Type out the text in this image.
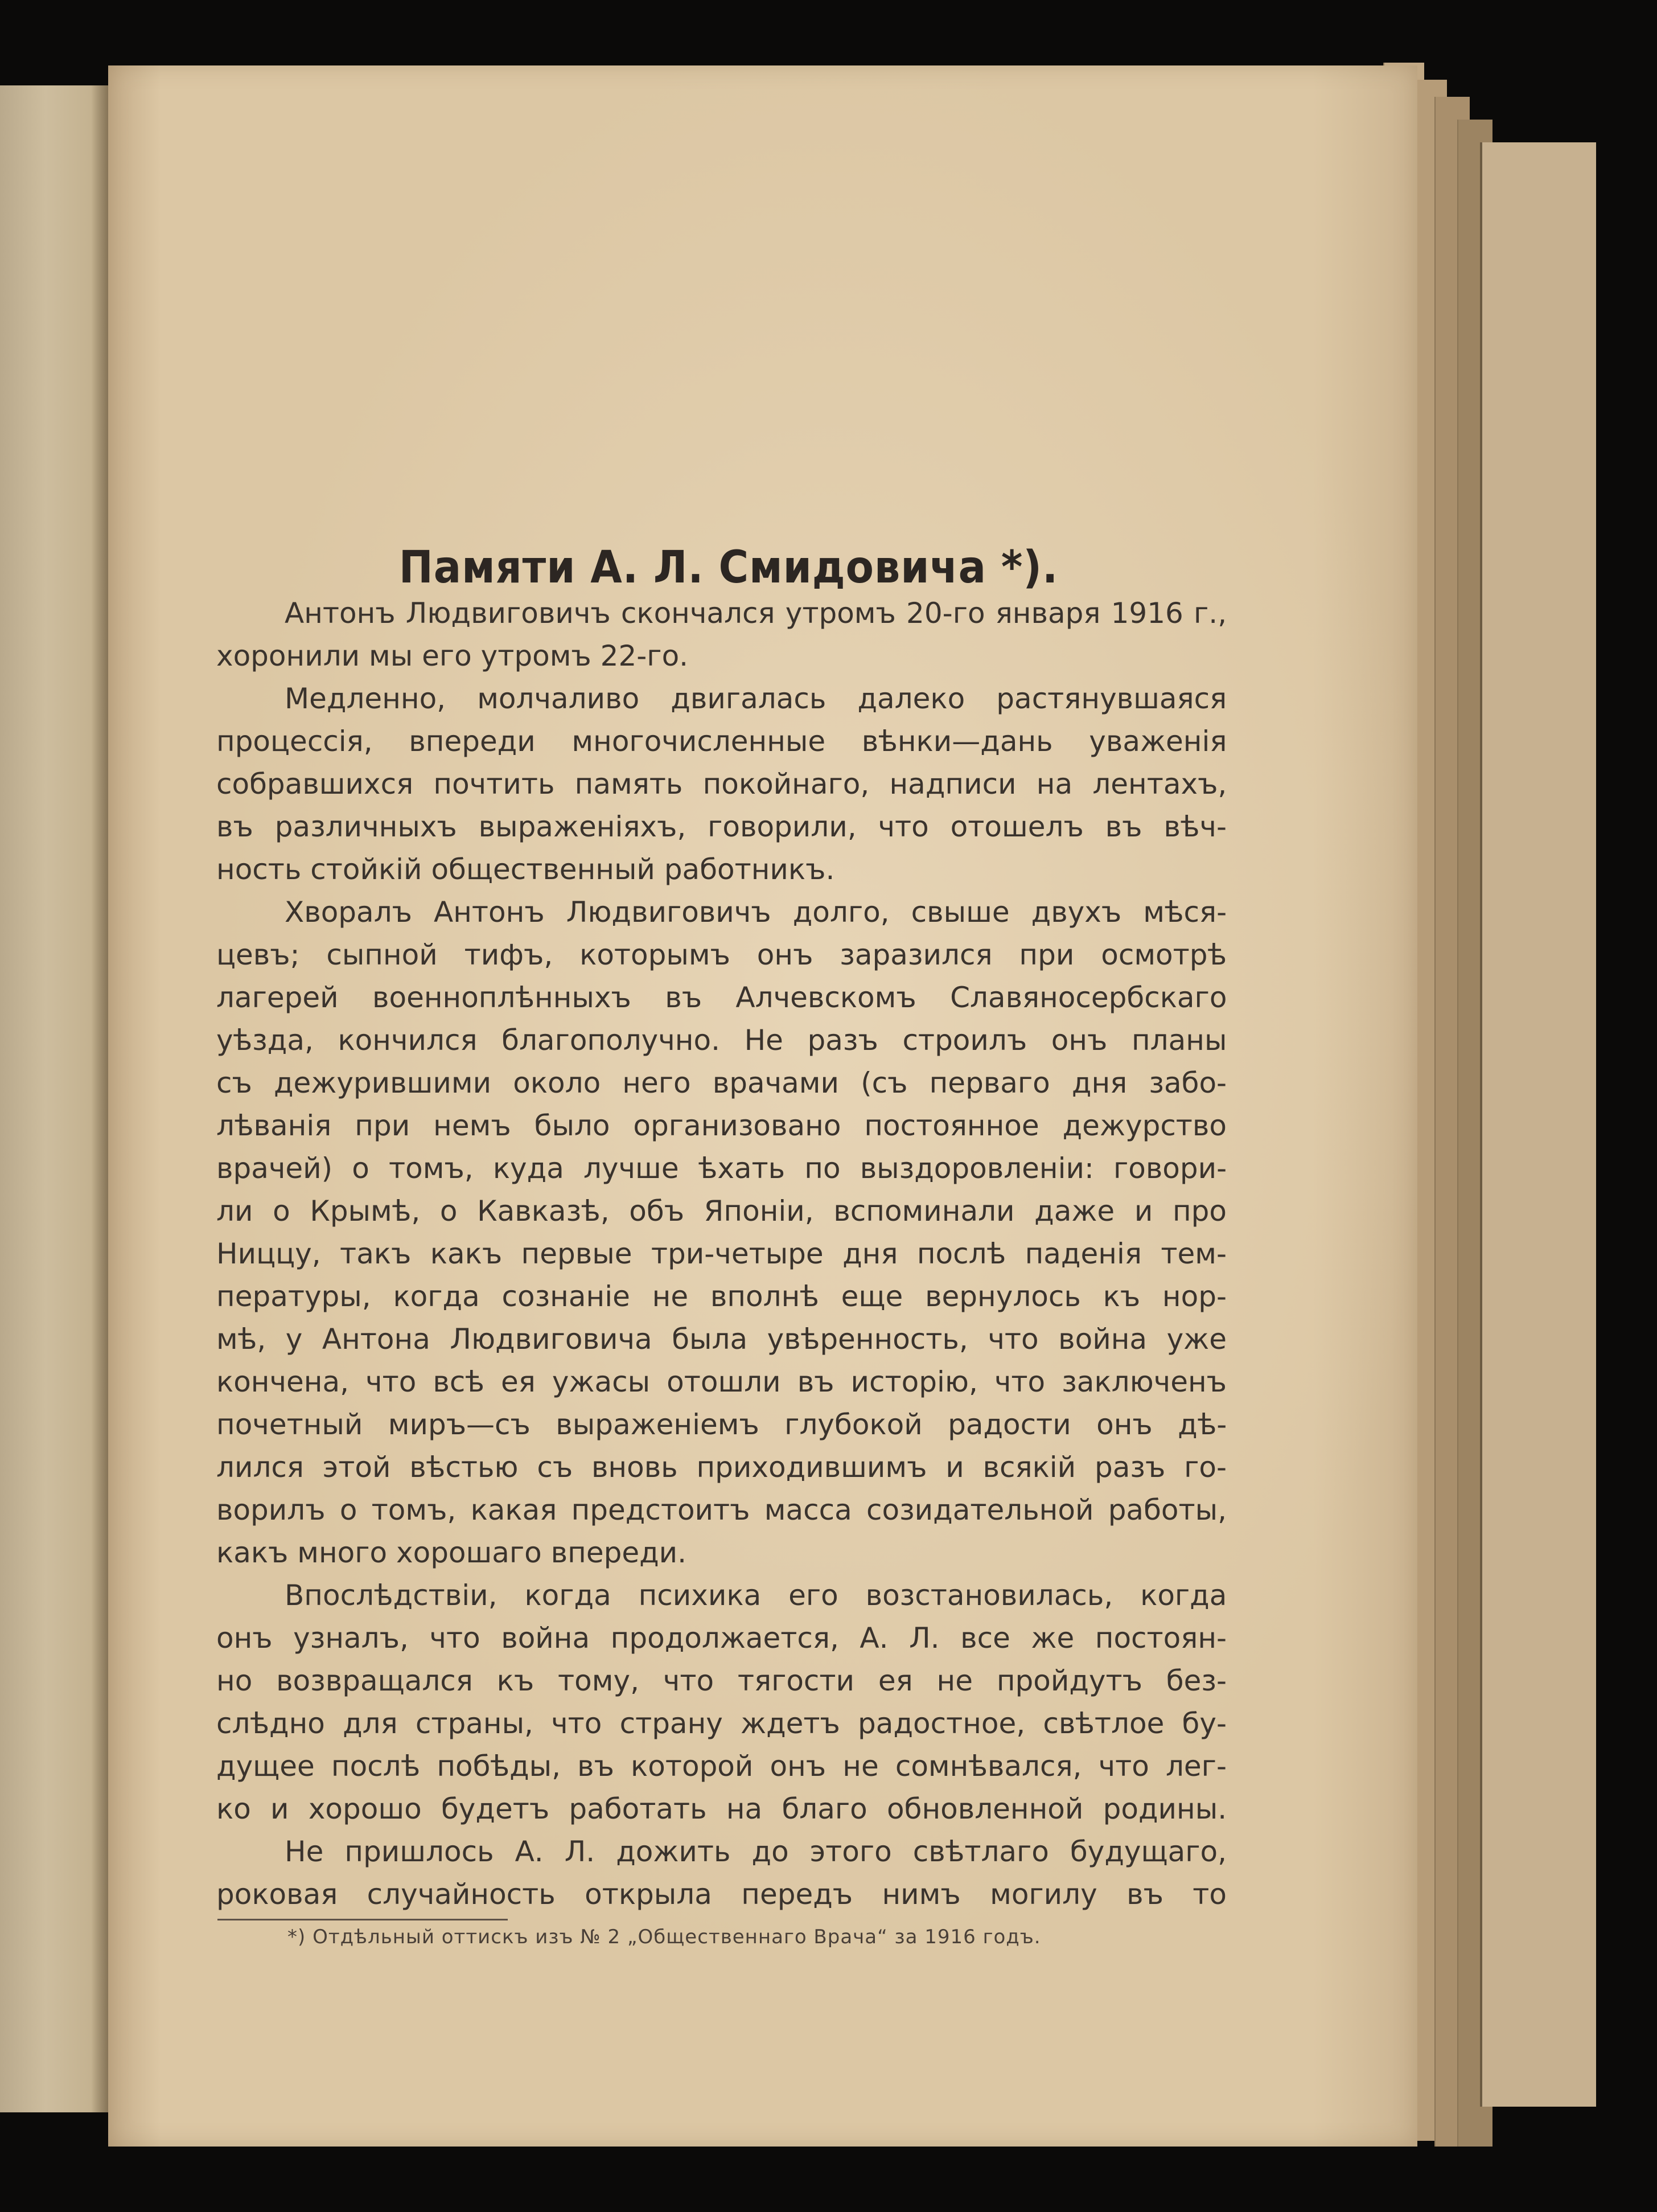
Памяти А. Л. Смидовича *).
Антонъ Людвиговичъ скончался утромъ 20-го января 1916 г.,
хоронили мы его утромъ 22-го.
Медленно, молчаливо двигалась далеко растянувшаяся
процессія, впереди многочисленные вѣнки—дань уваженія
собравшихся почтить память покойнаго, надписи на лентахъ,
въ различныхъ выраженіяхъ, говорили, что отошелъ въ вѣч-
ность стойкій общественный работникъ.
Хворалъ Антонъ Людвиговичъ долго, свыше двухъ мѣся-
цевъ; сыпной тифъ, которымъ онъ заразился при осмотрѣ
лагерей военноплѣнныхъ въ Алчевскомъ Славяносербскаго
уѣзда, кончился благополучно. Не разъ строилъ онъ планы
съ дежурившими около него врачами (съ перваго дня забо-
лѣванія при немъ было организовано постоянное дежурство
врачей) о томъ, куда лучше ѣхать по выздоровленіи: говори-
ли о Крымѣ, о Кавказѣ, объ Японіи, вспоминали даже и про
Ниццу, такъ какъ первые три-четыре дня послѣ паденія тем-
пературы, когда сознаніе не вполнѣ еще вернулось къ нор-
мѣ, у Антона Людвиговича была увѣренность, что война уже
кончена, что всѣ ея ужасы отошли въ исторію, что заключенъ
почетный миръ—съ выраженіемъ глубокой радости онъ дѣ-
лился этой вѣстью съ вновь приходившимъ и всякій разъ го-
ворилъ о томъ, какая предстоитъ масса созидательной работы,
какъ много хорошаго впереди.
Впослѣдствіи, когда психика его возстановилась, когда
онъ узналъ, что война продолжается, А. Л. все же постоян-
но возвращался къ тому, что тягости ея не пройдутъ без-
слѣдно для страны, что страну ждетъ радостное, свѣтлое бу-
дущее послѣ побѣды, въ которой онъ не сомнѣвался, что лег-
ко и хорошо будетъ работать на благо обновленной родины.
Не пришлось А. Л. дожить до этого свѣтлаго будущаго,
роковая случайность открыла передъ нимъ могилу въ то
*) Отдѣльный оттискъ изъ № 2 „Общественнаго Врача“ за 1916 годъ.
